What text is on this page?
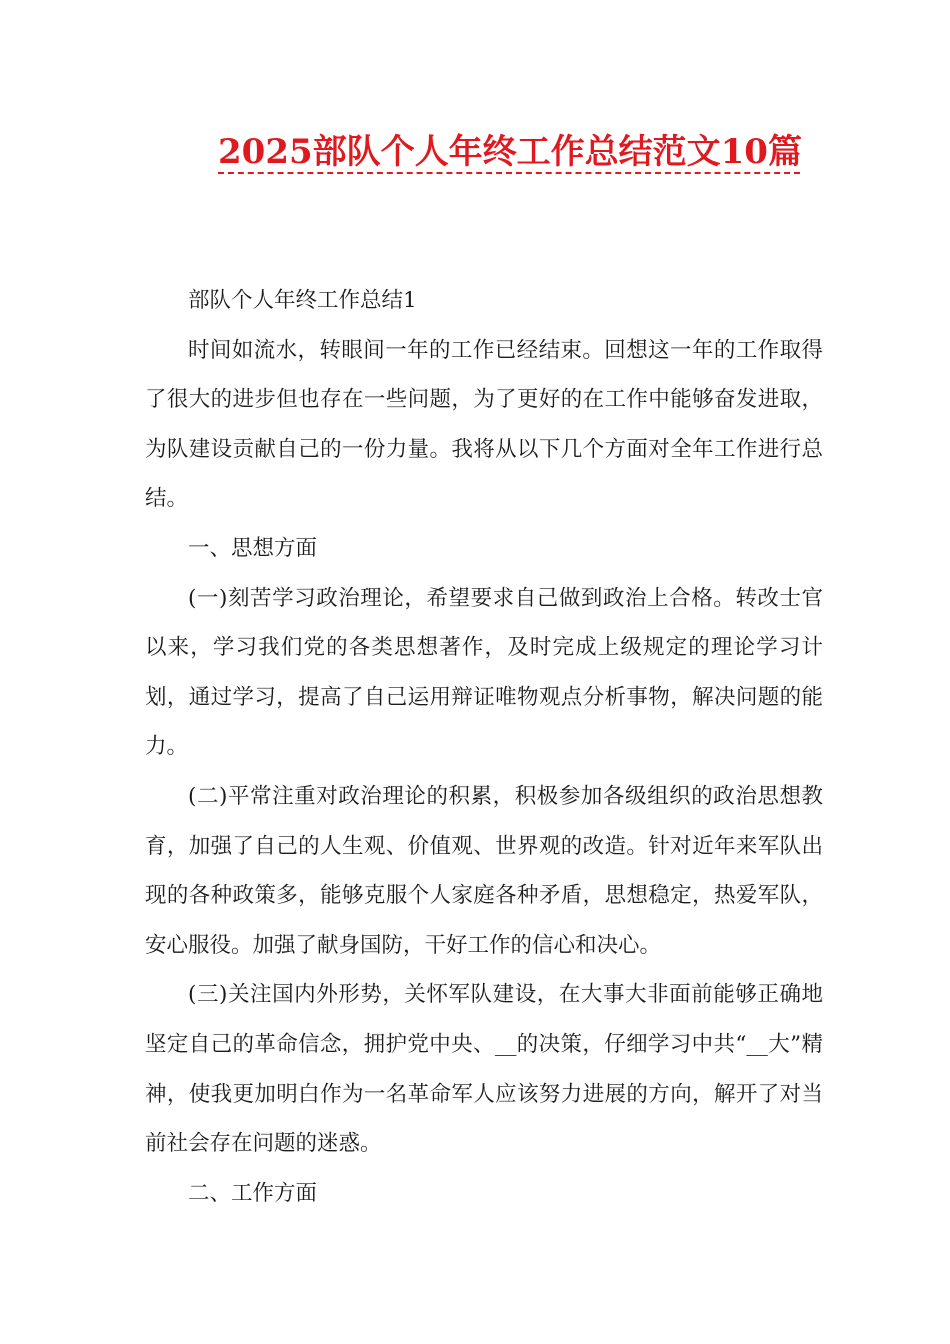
2025部队个人年终工作总结范文10篇

部队个人年终工作总结1

时间如流水，转眼间一年的工作已经结束。回想这一年的工作取得了很大的进步但也存在一些问题，为了更好的在工作中能够奋发进取，为队建设贡献自己的一份力量。我将从以下几个方面对全年工作进行总结。

一、思想方面

(一)刻苦学习政治理论，希望要求自己做到政治上合格。转改士官以来，学习我们党的各类思想著作，及时完成上级规定的理论学习计划，通过学习，提高了自己运用辩证唯物观点分析事物，解决问题的能力。

(二)平常注重对政治理论的积累，积极参加各级组织的政治思想教育，加强了自己的人生观、价值观、世界观的改造。针对近年来军队出现的各种政策多，能够克服个人家庭各种矛盾，思想稳定，热爱军队，安心服役。加强了献身国防，干好工作的信心和决心。

(三)关注国内外形势，关怀军队建设，在大事大非面前能够正确地坚定自己的革命信念，拥护党中央、__的决策，仔细学习中共“__大”精神，使我更加明白作为一名革命军人应该努力进展的方向，解开了对当前社会存在问题的迷惑。

二、工作方面
